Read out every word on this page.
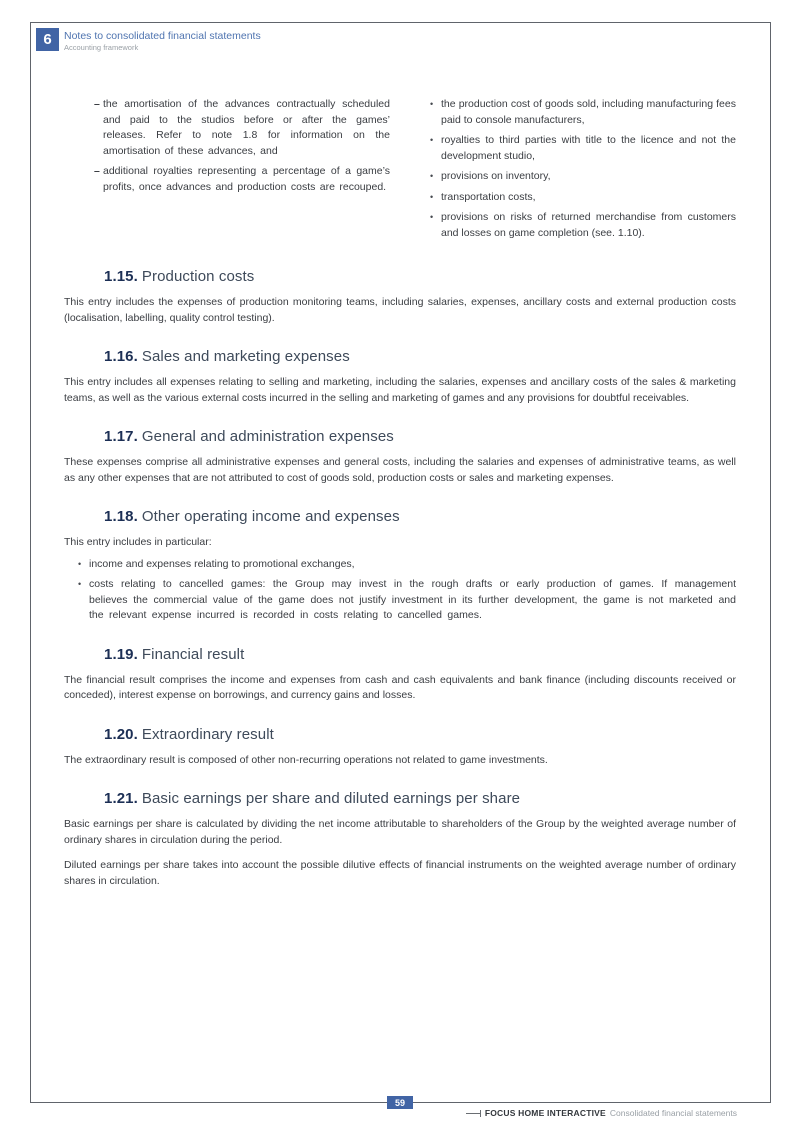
6 Notes to consolidated financial statements
Accounting framework
– the amortisation of the advances contractually scheduled and paid to the studios before or after the games’ releases. Refer to note 1.8 for information on the amortisation of these advances, and
– additional royalties representing a percentage of a game’s profits, once advances and production costs are recouped.
• the production cost of goods sold, including manufacturing fees paid to console manufacturers,
• royalties to third parties with title to the licence and not the development studio,
• provisions on inventory,
• transportation costs,
• provisions on risks of returned merchandise from customers and losses on game completion (see. 1.10).
1.15. Production costs

This entry includes the expenses of production monitoring teams, including salaries, expenses, ancillary costs and external production costs (localisation, labelling, quality control testing).

1.16. Sales and marketing expenses

This entry includes all expenses relating to selling and marketing, including the salaries, expenses and ancillary costs of the sales & marketing teams, as well as the various external costs incurred in the selling and marketing of games and any provisions for doubtful receivables.

1.17. General and administration expenses

These expenses comprise all administrative expenses and general costs, including the salaries and expenses of administrative teams, as well as any other expenses that are not attributed to cost of goods sold, production costs or sales and marketing expenses.

1.18. Other operating income and expenses

This entry includes in particular:

• income and expenses relating to promotional exchanges,
• costs relating to cancelled games: the Group may invest in the rough drafts or early production of games. If management believes the commercial value of the game does not justify investment in its further development, the game is not marketed and the relevant expense incurred is recorded in costs relating to cancelled games.
1.19. Financial result

The financial result comprises the income and expenses from cash and cash equivalents and bank finance (including discounts received or conceded), interest expense on borrowings, and currency gains and losses.

1.20. Extraordinary result

The extraordinary result is composed of other non-recurring operations not related to game investments.

1.21. Basic earnings per share and diluted earnings per share

Basic earnings per share is calculated by dividing the net income attributable to shareholders of the Group by the weighted average number of ordinary shares in circulation during the period.

Diluted earnings per share takes into account the possible dilutive effects of financial instruments on the weighted average number of ordinary shares in circulation.

59
FOCUS HOME INTERACTIVE Consolidated financial statements
